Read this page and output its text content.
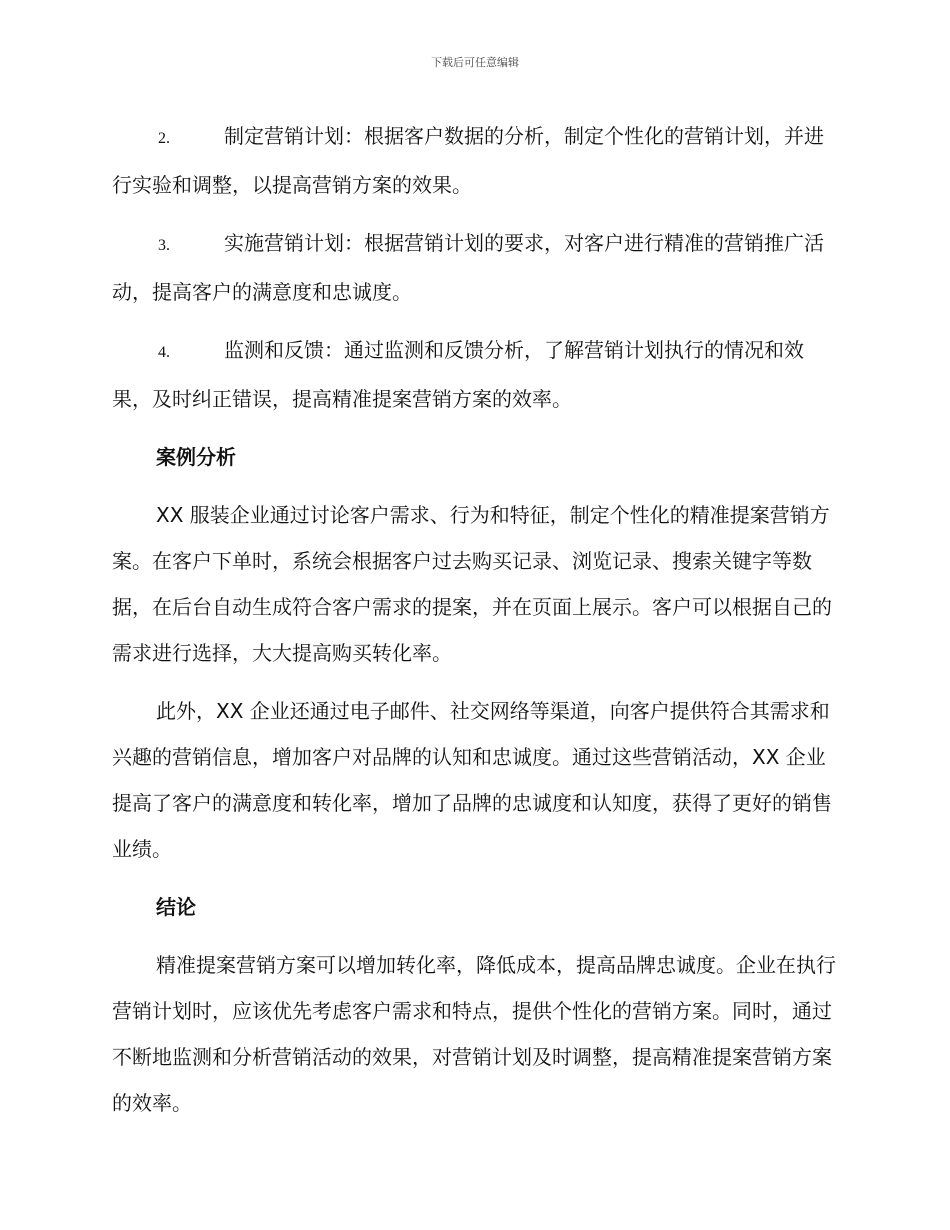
下载后可任意编辑

2.	制定营销计划：根据客户数据的分析，制定个性化的营销计划，并进行实验和调整，以提高营销方案的效果。

3.	实施营销计划：根据营销计划的要求，对客户进行精准的营销推广活动，提高客户的满意度和忠诚度。

4.	监测和反馈：通过监测和反馈分析，了解营销计划执行的情况和效果，及时纠正错误，提高精准提案营销方案的效率。

案例分析

XX 服装企业通过讨论客户需求、行为和特征，制定个性化的精准提案营销方案。在客户下单时，系统会根据客户过去购买记录、浏览记录、搜索关键字等数据，在后台自动生成符合客户需求的提案，并在页面上展示。客户可以根据自己的需求进行选择，大大提高购买转化率。

此外，XX 企业还通过电子邮件、社交网络等渠道，向客户提供符合其需求和兴趣的营销信息，增加客户对品牌的认知和忠诚度。通过这些营销活动，XX 企业提高了客户的满意度和转化率，增加了品牌的忠诚度和认知度，获得了更好的销售业绩。

结论

精准提案营销方案可以增加转化率，降低成本，提高品牌忠诚度。企业在执行营销计划时，应该优先考虑客户需求和特点，提供个性化的营销方案。同时，通过不断地监测和分析营销活动的效果，对营销计划及时调整，提高精准提案营销方案的效率。
